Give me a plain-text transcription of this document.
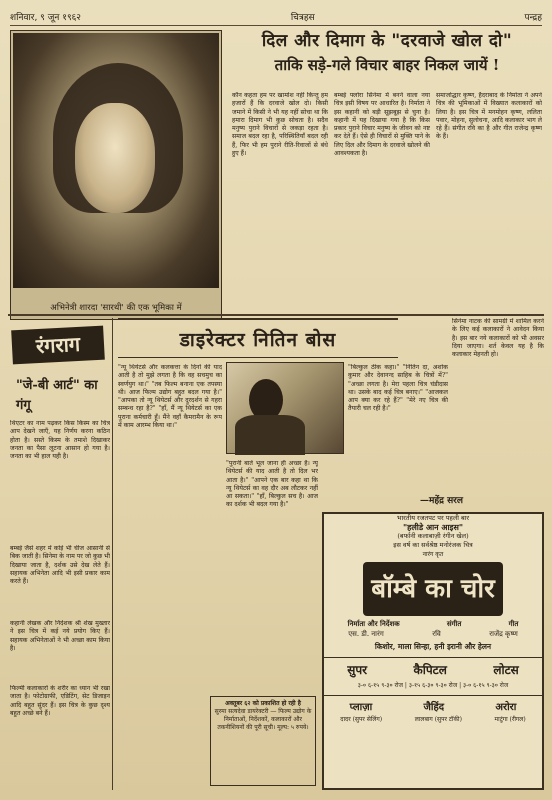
शनिवार, ९ जून १९६२	चित्रहस	पन्द्रह
अभिनेत्री शारदा 'सारथी' की एक भूमिका में
दिल और दिमाग के "दरवाजे खोल दो"
ताकि सड़े-गले विचार बाहर निकल जायें !
कौन कहता हम पर खामोश नहीं किन्तु हम हजारों हैं कि दरवाजे खोल दो। किसी जमाने में किसी ने भी यह नहीं सोचा था कि हमारा दिमाग भी कुछ सोचता है। सदैव मनुष्य पुराने विचारों से जकड़ा रहता है। समाज बदल रहा है, परिस्थितियाँ बदल रही हैं, फिर भी हम पुराने रीति-रिवाजों से बंधे हुए हैं।
बम्बई फ्लोरा सिनेमा में बनने वाला नया चित्र इसी विषय पर आधारित है। निर्माता ने इस कहानी को बड़ी सूझबूझ से चुना है। कहानी में यह दिखाया गया है कि किस प्रकार पुराने विचार मनुष्य के जीवन को नष्ट कर देते हैं। ऐसे ही विचारों से मुक्ति पाने के लिए दिल और दिमाग के दरवाजे खोलने की आवश्यकता है।
समाजोद्धार कृष्ण, हैदराबाद के निर्माता ने अपने चित्र की भूमिकाओं में विख्यात कलाकारों को लिया है। इस चित्र में मनमोहन कृष्ण, ललिता पवार, मोहना, सुलोचना, आदि कलाकार भाग ले रहे हैं। संगीत रवि का है और गीत राजेन्द्र कृष्ण के हैं।
रंगराग
"जे-बी आर्ट" का गंगू
थिएटर का नाम पढ़कर किस किस्म का चित्र आप देखने जाएँ, यह निर्णय करना कठिन होता है। सस्ते किस्म के तमाशे दिखाकर जनता का पैसा लूटना आसान हो गया है। जनता का भी हाल यही है।
बम्बई जैसे शहर में कोई भी चीज आसानी से बिक जाती है। सिनेमा के नाम पर जो कुछ भी दिखाया जाता है, दर्शक उसे देख लेते हैं। सहायक अभिनेता आदि भी इसी प्रकार काम करते हैं।
कहानी लेखक और निर्देशक श्री शेख मुख्तार ने इस चित्र में कई नये प्रयोग किए हैं। सहायक अभिनेताओं ने भी अच्छा काम किया है।
फिल्मी कलाकारों के शरीर का ध्यान भी रखा जाता है। फोटोग्राफी, एडिटिंग, सेट डिजाइन आदि बहुत सुंदर हैं। इस चित्र के कुछ दृश्य बहुत अच्छे बने हैं।
डाइरेक्टर नितिन बोस
"न्यू थियेटर्स और कलकत्ता के दिनों की याद आती है तो मुझे लगता है कि वह सचमुच का स्वर्णयुग था।" "तब फिल्म बनाना एक तपस्या थी। आज फिल्म उद्योग बहुत बदल गया है।" "आपका तो न्यू थियेटर्स और दुरदर्शन से गहरा सम्बन्ध रहा है?" "हाँ, मैं न्यू थियेटर्स का एक पुराना कर्मचारी हूँ। मैंने वहाँ कैमरामैन के रूप में काम आरम्भ किया था।"
"बिल्कुल ठीक कहा।" "नितिन दा, अशोक कुमार और देवानन्द साहिब के चित्रों में?" "अच्छा लगता है। मेरा पहला चित्र चंडीदास था। उसके बाद कई चित्र बनाए।" "आजकल आप क्या कर रहे हैं?" "मेरे नए चित्र की तैयारी चल रही है।"
—महेंद्र सरल
"पुरानी बातें भूल जाना ही अच्छा है। न्यू थियेटर्स की याद आती है तो दिल भर आता है।" "आपने एक बार कहा था कि न्यू थियेटर्स का वह दौर अब लौटकर नहीं आ सकता।" "हाँ, बिल्कुल सच है। आज का दर्शक भी बदल गया है।"
सिनेमा नाटक की सामग्री में शामिल करने के लिए कई कलाकारों ने आवेदन किया है। इस बार नये कलाकारों को भी अवसर दिया जाएगा। शर्त केवल यह है कि कलाकार मेहनती हो।
अक्तूबर ६२ को प्रकाशित हो रही है
सुरमा सत्यदेवा डायरेक्टरी — फिल्म उद्योग के निर्माताओं, निर्देशकों, कलाकारों और तकनीशियनों की पूरी सूची। मूल्य: ५ रुपये।
भारतीय रजतपट पर पहली बार
"हलीडे आन आइस"
(बर्फानी कलाबाज़ी रंगीन खेल)
इस वर्ष का सर्वश्रेष्ठ मनोरंजक चित्र
नारंग कृत
बॉम्बे का चोर
निर्माता और निर्देशक	संगीत	गीत
एस. डी. नारंग	रवि	राजेंद्र कृष्ण
किशोर, माला सिन्हा, हनी इरानी और हेलन
सुपर	कैपिटल	लोटस
३-० ६-१५ ९-३० रोज | ३-१५ ६-३० ९-३० रोज | ३-० ६-१५ ९-३० रोज
प्लाज़ा	जैहिंद	अरोरा
दादर (सुपर सेलिंग)	लालबाग (सुपर टॉकी)	माटुंगा (रीगल)
